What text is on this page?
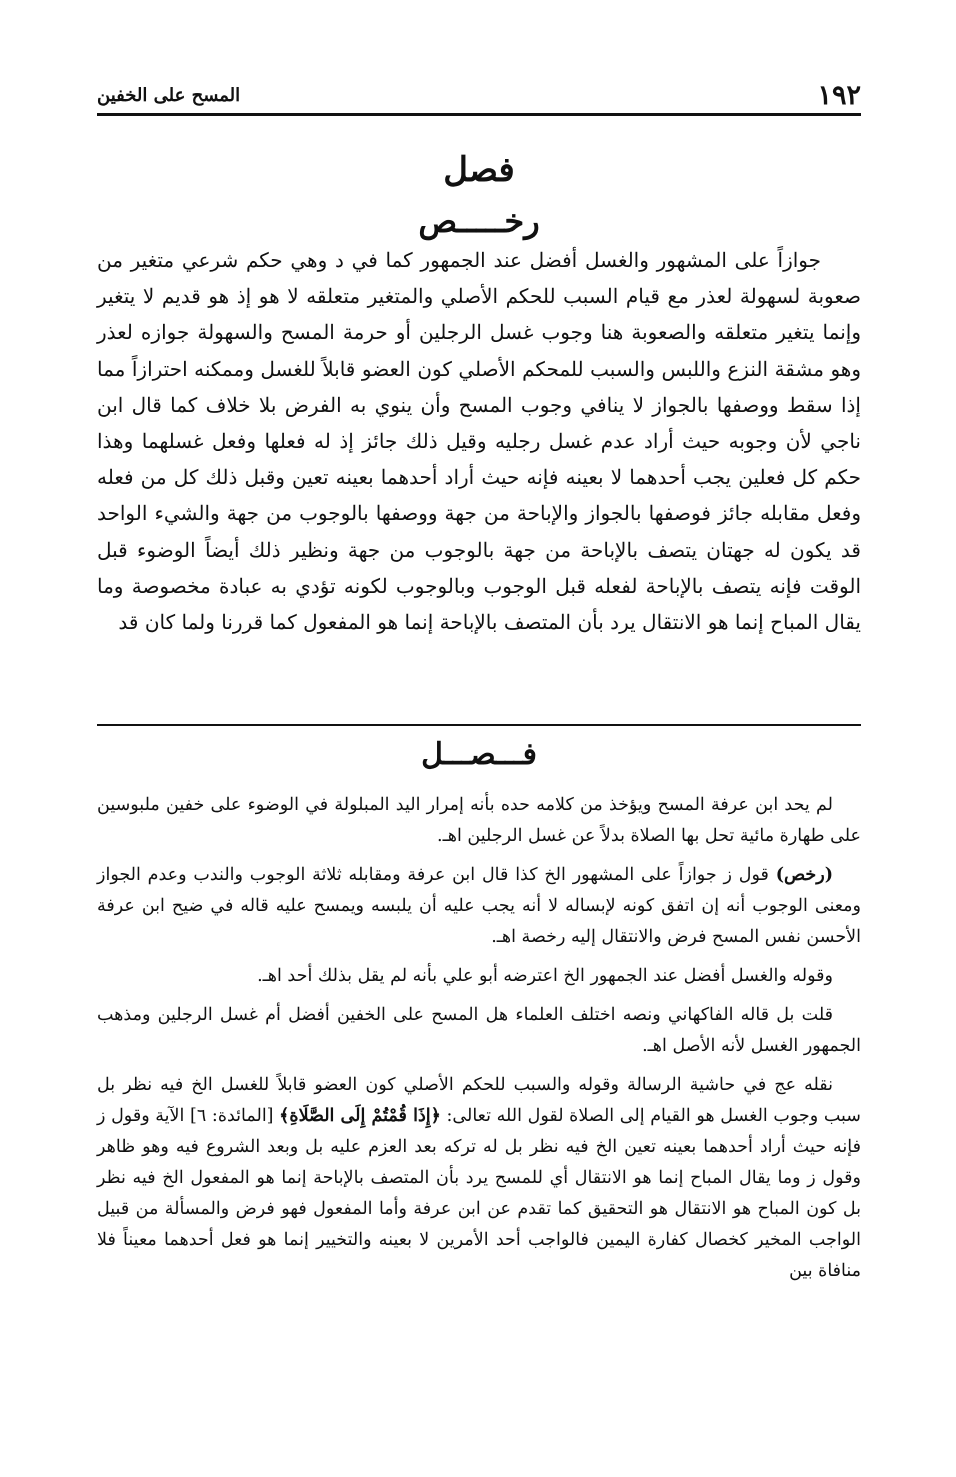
١٩٢
المسح على الخفين
فصل
رخـــــص

جوازاً على المشهور والغسل أفضل عند الجمهور كما في د وهي حكم شرعي متغير من صعوبة لسهولة لعذر مع قيام السبب للحكم الأصلي والمتغير متعلقه لا هو إذ هو قديم لا يتغير وإنما يتغير متعلقه والصعوبة هنا وجوب غسل الرجلين أو حرمة المسح والسهولة جوازه لعذر وهو مشقة النزع واللبس والسبب للمحكم الأصلي كون العضو قابلاً للغسل وممكنه احترازاً مما إذا سقط ووصفها بالجواز لا ينافي وجوب المسح وأن ينوي به الفرض بلا خلاف كما قال ابن ناجي لأن وجوبه حيث أراد عدم غسل رجليه وقيل ذلك جائز إذ له فعلها وفعل غسلهما وهذا حكم كل فعلين يجب أحدهما لا بعينه فإنه حيث أراد أحدهما بعينه تعين وقبل ذلك كل من فعله وفعل مقابله جائز فوصفها بالجواز والإباحة من جهة ووصفها بالوجوب من جهة والشيء الواحد قد يكون له جهتان يتصف بالإباحة من جهة بالوجوب من جهة ونظير ذلك أيضاً الوضوء قبل الوقت فإنه يتصف بالإباحة لفعله قبل الوجوب وبالوجوب لكونه تؤدي به عبادة مخصوصة وما يقال المباح إنما هو الانتقال يرد بأن المتصف بالإباحة إنما هو المفعول كما قررنا ولما كان قد

فـــصـــل

لم يحد ابن عرفة المسح ويؤخذ من كلامه حده بأنه إمرار اليد المبلولة في الوضوء على خفين ملبوسين على طهارة مائية تحل بها الصلاة بدلاً عن غسل الرجلين اهـ.

(رخص) قول ز جوازاً على المشهور الخ كذا قال ابن عرفة ومقابله ثلاثة الوجوب والندب وعدم الجواز ومعنى الوجوب أنه إن اتفق كونه لإبساله لا أنه يجب عليه أن يلبسه ويمسح عليه قاله في ضيح ابن عرفة الأحسن نفس المسح فرض والانتقال إليه رخصة اهـ.

وقوله والغسل أفضل عند الجمهور الخ اعترضه أبو علي بأنه لم يقل بذلك أحد اهـ.

قلت بل قاله الفاكهاني ونصه اختلف العلماء هل المسح على الخفين أفضل أم غسل الرجلين ومذهب الجمهور الغسل لأنه الأصل اهـ.

نقله عج في حاشية الرسالة وقوله والسبب للحكم الأصلي كون العضو قابلاً للغسل الخ فيه نظر بل سبب وجوب الغسل هو القيام إلى الصلاة لقول الله تعالى: ﴿إِذَا قُمْتُمْ إِلَى الصَّلَاةِ﴾ [المائدة: ٦] الآية وقول ز فإنه حيث أراد أحدهما بعينه تعين الخ فيه نظر بل له تركه بعد العزم عليه بل وبعد الشروع فيه وهو ظاهر وقول ز وما يقال المباح إنما هو الانتقال أي للمسح يرد بأن المتصف بالإباحة إنما هو المفعول الخ فيه نظر بل كون المباح هو الانتقال هو التحقيق كما تقدم عن ابن عرفة وأما المفعول فهو فرض والمسألة من قبيل الواجب المخير كخصال كفارة اليمين فالواجب أحد الأمرين لا بعينه والتخيير إنما هو فعل أحدهما معيناً فلا منافاة بين
